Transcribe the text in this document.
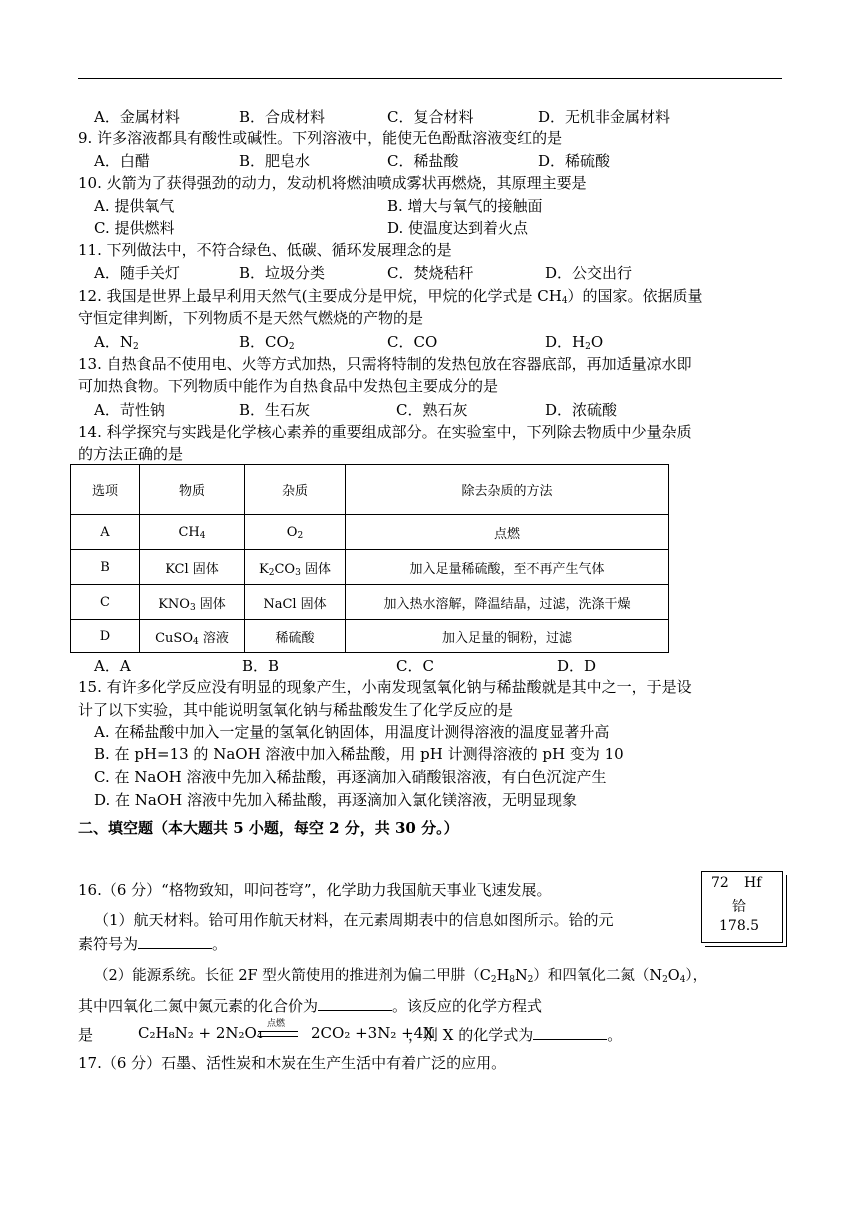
A．金属材料	B．合成材料	C．复合材料	D．无机非金属材料
9. 许多溶液都具有酸性或碱性。下列溶液中，能使无色酚酞溶液变红的是
A．白醋	B．肥皂水	C．稀盐酸	D．稀硫酸
10. 火箭为了获得强劲的动力，发动机将燃油喷成雾状再燃烧，其原理主要是
A. 提供氧气	B. 增大与氧气的接触面
C. 提供燃料	D. 使温度达到着火点
11. 下列做法中，不符合绿色、低碳、循环发展理念的是
A．随手关灯	B．垃圾分类	C．焚烧秸秆	D．公交出行
12. 我国是世界上最早利用天然气(主要成分是甲烷，甲烷的化学式是 $CH_4$）的国家。依据质量
守恒定律判断，下列物质不是天然气燃烧的产物的是
A．$N_2$	B．$CO_2$	C．CO	D．$H_2O$
13. 自热食品不使用电、火等方式加热，只需将特制的发热包放在容器底部，再加适量凉水即
可加热食物。下列物质中能作为自热食品中发热包主要成分的是
A．苛性钠	B．生石灰	C．熟石灰	D．浓硫酸
14. 科学探究与实践是化学核心素养的重要组成部分。在实验室中，下列除去物质中少量杂质
的方法正确的是
选项	物质	杂质	除去杂质的方法
A	$CH_4$	$O_2$	点燃
B	KCl 固体	$K_2CO_3$ 固体	加入足量稀硫酸，至不再产生气体
C	$KNO_3$ 固体	NaCl 固体	加入热水溶解，降温结晶，过滤，洗涤干燥
D	CuSO$_4$ 溶液	稀硫酸	加入足量的铜粉，过滤
A．A	B．B	C．C	D．D
15. 有许多化学反应没有明显的现象产生，小南发现氢氧化钠与稀盐酸就是其中之一，于是设
计了以下实验，其中能说明氢氧化钠与稀盐酸发生了化学反应的是
A. 在稀盐酸中加入一定量的氢氧化钠固体，用温度计测得溶液的温度显著升高
B. 在 pH=13 的 NaOH 溶液中加入稀盐酸，用 pH 计测得溶液的 pH 变为 10
C. 在 NaOH 溶液中先加入稀盐酸，再逐滴加入硝酸银溶液，有白色沉淀产生
D. 在 NaOH 溶液中先加入稀盐酸，再逐滴加入氯化镁溶液，无明显现象
二、填空题（本大题共 5 小题，每空 2 分，共 30 分。）
16.（6 分）“格物致知，叩问苍穹”，化学助力我国航天事业飞速发展。	72 Hf
铪
178.5
（1）航天材料。铪可用作航天材料，在元素周期表中的信息如图所示。铪的元
素符号为	。
（2）能源系统。长征 2F 型火箭使用的推进剂为偏二甲肼$(C_2H_8N_2)$和四氧化二氮$(N_2O_4)$，
其中四氧化二氮中氮元素的化合价为	。该反应的化学方程式
是	C₂H₈N₂ + 2N₂O₄ 点燃 2CO₂ +3N₂ +4X
，则 X 的化学式为	。
17.（6 分）石墨、活性炭和木炭在生产生活中有着广泛的应用。
